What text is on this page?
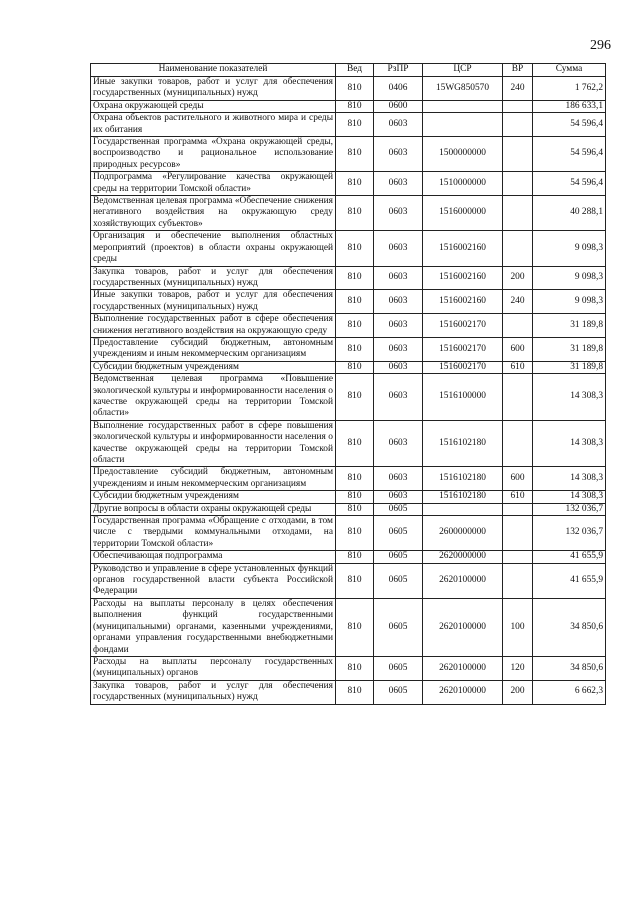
296
Наименование показателей	Вед	РзПР	ЦСР	ВР	Сумма
Иные закупки товаров, работ и услуг для обеспечения государственных (муниципальных) нужд	810	0406	15WG850570	240	1 762,2
Охрана окружающей среды	810	0600			186 633,1
Охрана объектов растительного и животного мира и среды их обитания	810	0603			54 596,4
Государственная программа «Охрана окружающей среды, воспроизводство и рациональное использование природных ресурсов»	810	0603	1500000000		54 596,4
Подпрограмма «Регулирование качества окружающей среды на территории Томской области»	810	0603	1510000000		54 596,4
Ведомственная целевая программа «Обеспечение снижения негативного воздействия на окружающую среду хозяйствующих субъектов»	810	0603	1516000000		40 288,1
Организация и обеспечение выполнения областных мероприятий (проектов) в области охраны окружающей среды	810	0603	1516002160		9 098,3
Закупка товаров, работ и услуг для обеспечения государственных (муниципальных) нужд	810	0603	1516002160	200	9 098,3
Иные закупки товаров, работ и услуг для обеспечения государственных (муниципальных) нужд	810	0603	1516002160	240	9 098,3
Выполнение государственных работ в сфере обеспечения снижения негативного воздействия на окружающую среду	810	0603	1516002170		31 189,8
Предоставление субсидий бюджетным, автономным учреждениям и иным некоммерческим организациям	810	0603	1516002170	600	31 189,8
Субсидии бюджетным учреждениям	810	0603	1516002170	610	31 189,8
Ведомственная целевая программа «Повышение экологической культуры и информированности населения о качестве окружающей среды на территории Томской области»	810	0603	1516100000		14 308,3
Выполнение государственных работ в сфере повышения экологической культуры и информированности населения о качестве окружающей среды на территории Томской области	810	0603	1516102180		14 308,3
Предоставление субсидий бюджетным, автономным учреждениям и иным некоммерческим организациям	810	0603	1516102180	600	14 308,3
Субсидии бюджетным учреждениям	810	0603	1516102180	610	14 308,3
Другие вопросы в области охраны окружающей среды	810	0605			132 036,7
Государственная программа «Обращение с отходами, в том числе с твердыми коммунальными отходами, на территории Томской области»	810	0605	2600000000		132 036,7
Обеспечивающая подпрограмма	810	0605	2620000000		41 655,9
Руководство и управление в сфере установленных функций органов государственной власти субъекта Российской Федерации	810	0605	2620100000		41 655,9
Расходы на выплаты персоналу в целях обеспечения выполнения функций государственными (муниципальными) органами, казенными учреждениями, органами управления государственными внебюджетными фондами	810	0605	2620100000	100	34 850,6
Расходы на выплаты персоналу государственных (муниципальных) органов	810	0605	2620100000	120	34 850,6
Закупка товаров, работ и услуг для обеспечения государственных (муниципальных) нужд	810	0605	2620100000	200	6 662,3
